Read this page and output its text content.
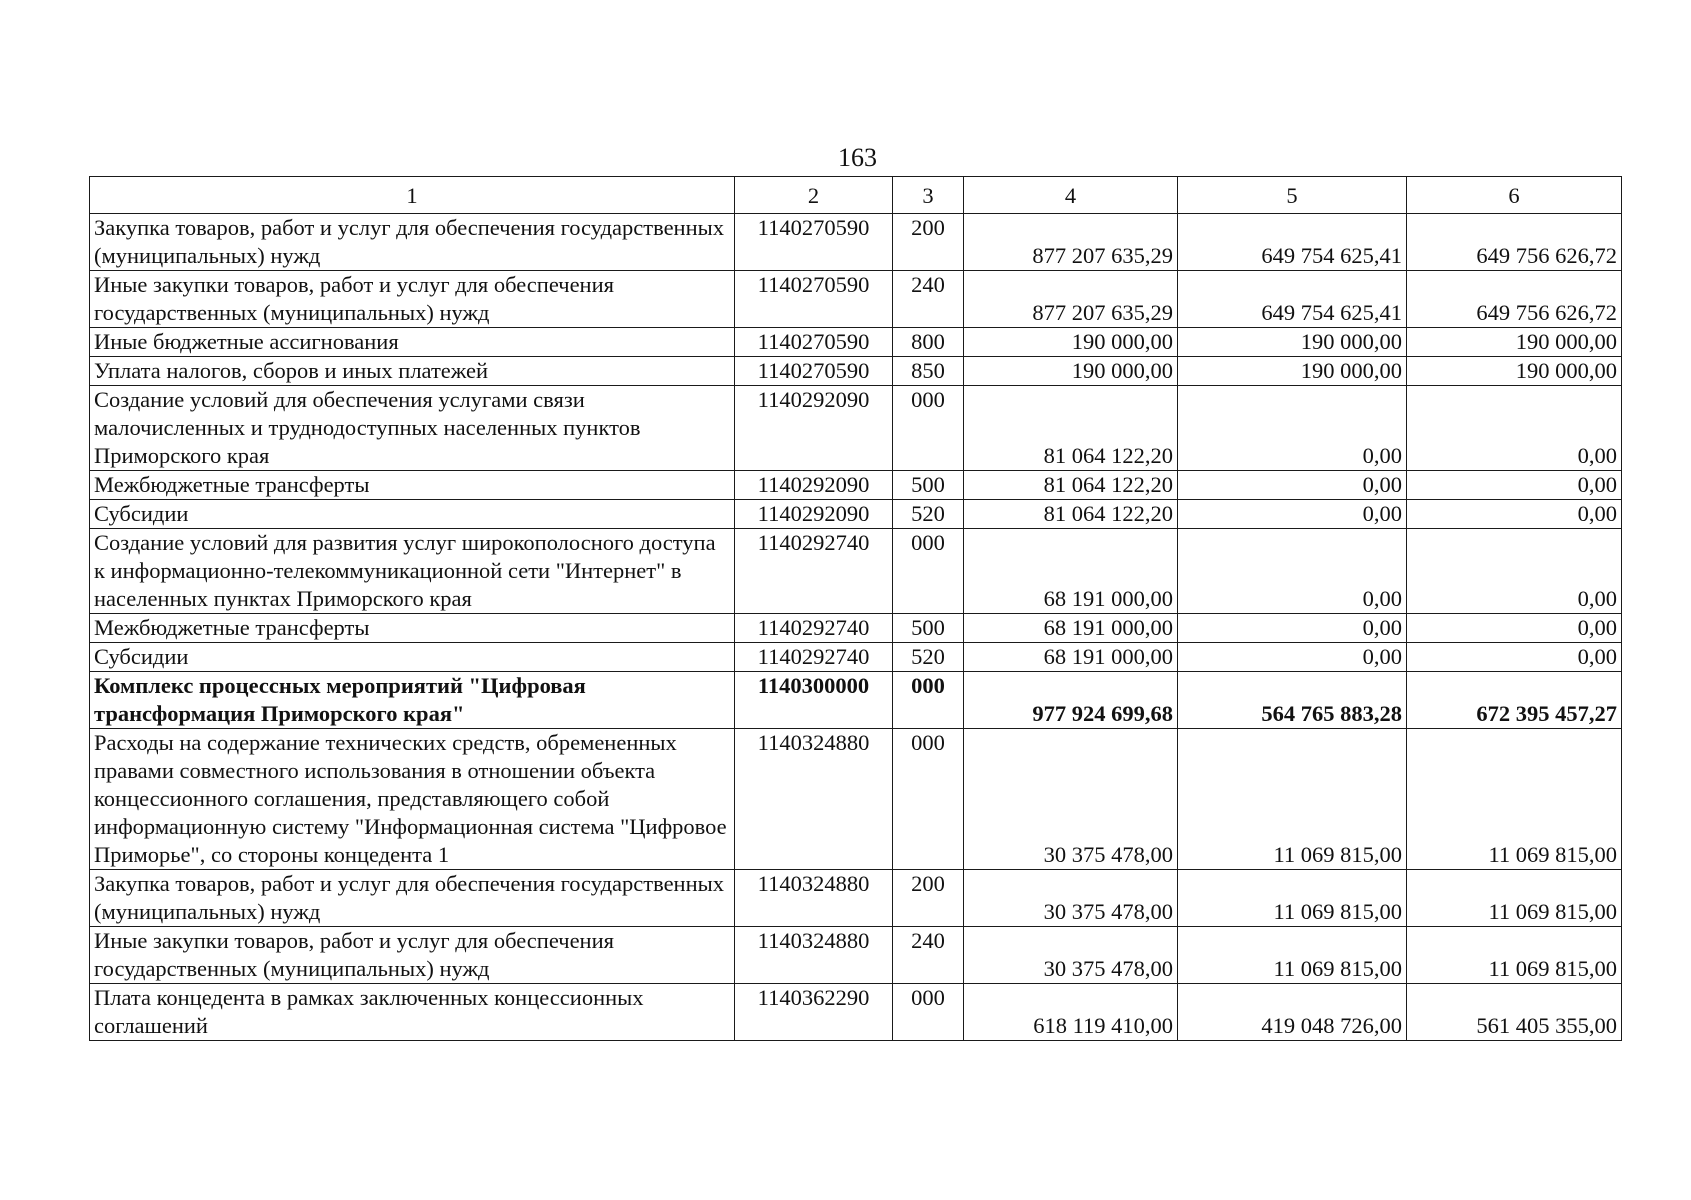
163
1	2	3	4	5	6
Закупка товаров, работ и услуг для обеспечения государственных (муниципальных) нужд	1140270590	200	877 207 635,29	649 754 625,41	649 756 626,72
Иные закупки товаров, работ и услуг для обеспечения государственных (муниципальных) нужд	1140270590	240	877 207 635,29	649 754 625,41	649 756 626,72
Иные бюджетные ассигнования	1140270590	800	190 000,00	190 000,00	190 000,00
Уплата налогов, сборов и иных платежей	1140270590	850	190 000,00	190 000,00	190 000,00
Создание условий для обеспечения услугами связи малочисленных и труднодоступных населенных пунктов Приморского края	1140292090	000	81 064 122,20	0,00	0,00
Межбюджетные трансферты	1140292090	500	81 064 122,20	0,00	0,00
Субсидии	1140292090	520	81 064 122,20	0,00	0,00
Создание условий для развития услуг широкополосного доступа к информационно-телекоммуникационной сети "Интернет" в населенных пунктах Приморского края	1140292740	000	68 191 000,00	0,00	0,00
Межбюджетные трансферты	1140292740	500	68 191 000,00	0,00	0,00
Субсидии	1140292740	520	68 191 000,00	0,00	0,00
Комплекс процессных мероприятий "Цифровая трансформация Приморского края"	1140300000	000	977 924 699,68	564 765 883,28	672 395 457,27
Расходы на содержание технических средств, обремененных правами совместного использования в отношении объекта концессионного соглашения, представляющего собой информационную систему "Информационная система "Цифровое Приморье", со стороны концедента 1	1140324880	000	30 375 478,00	11 069 815,00	11 069 815,00
Закупка товаров, работ и услуг для обеспечения государственных (муниципальных) нужд	1140324880	200	30 375 478,00	11 069 815,00	11 069 815,00
Иные закупки товаров, работ и услуг для обеспечения государственных (муниципальных) нужд	1140324880	240	30 375 478,00	11 069 815,00	11 069 815,00
Плата концедента в рамках заключенных концессионных соглашений	1140362290	000	618 119 410,00	419 048 726,00	561 405 355,00
